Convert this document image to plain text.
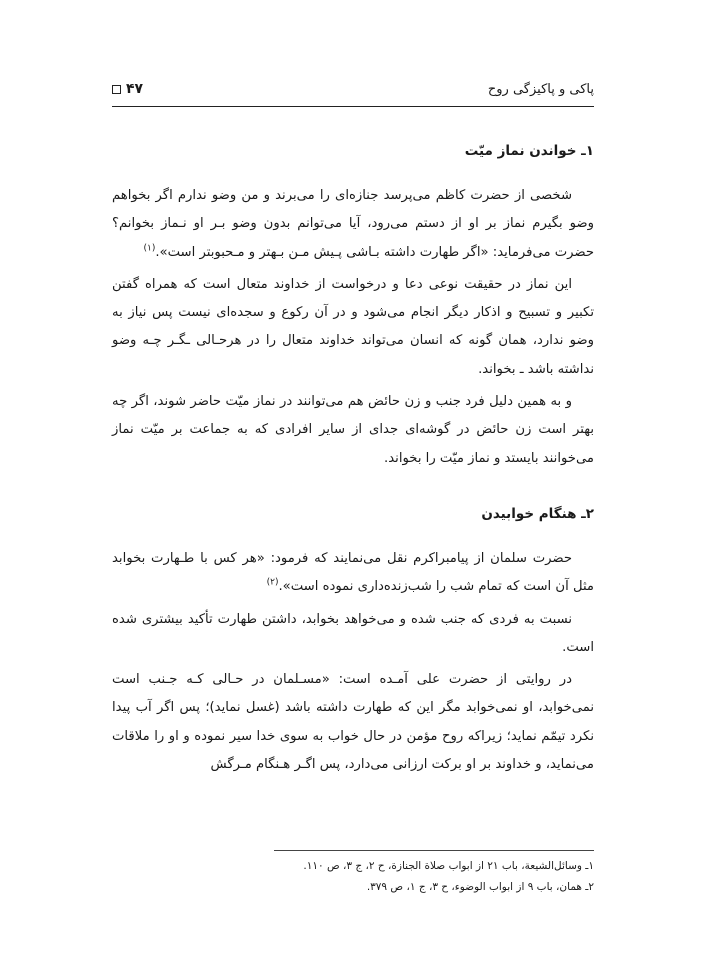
پاکی و پاکیزگی روح
۴۷
۱ـ خواندن نماز میّت

شخصی از حضرت کاظم می‌پرسد جنازه‌ای را می‌برند و من وضو ندارم اگر بخواهم وضو بگیرم نماز بر او از دستم می‌رود، آیا می‌توانم بدون وضو بـر او نـماز بخوانم؟ حضرت می‌فرماید: «اگر طهارت داشته بـاشی پـیش مـن بـهتر و مـحبوبتر است».$^{(۱)}$

این نماز در حقیقت نوعی دعا و درخواست از خداوند متعال است که همراه گفتن تکبیر و تسبیح و اذکار دیگر انجام می‌شود و در آن رکوع و سجده‌ای نیست پس نیاز به وضو ندارد، همان گونه که انسان می‌تواند خداوند متعال را در هرحـالی ـگـر چـه وضو نداشته باشد ـ بخواند.

و به همین دلیل فرد جنب و زن حائض هم می‌توانند در نماز میّت حاضر شوند، اگر چه بهتر است زن حائض در گوشه‌ای جدای از سایر افرادی که به جماعت بر میّت نماز می‌خوانند بایستد و نماز میّت را بخواند.

۲ـ هنگام خوابیدن

حضرت سلمان از پیامبراکرم نقل می‌نمایند که فرمود: «هر کس با طـهارت بخوابد مثل آن است که تمام شب را شب‌زنده‌داری نموده است».$^{(۲)}$

نسبت به فردی که جنب شده و می‌خواهد بخوابد، داشتن طهارت تأکید بیشتری شده است.

در روایتی از حضرت علی آمـده است: «مسـلمان در حـالی کـه جـنب است نمی‌خوابد، او نمی‌خوابد مگر این که طهارت داشته باشد (غسل نماید)؛ پس اگر آب پیدا نکرد تیمّم نماید؛ زیراکه روح مؤمن در حال خواب به سوی خدا سیر نموده و او را ملاقات می‌نماید، و خداوند بر او برکت ارزانی می‌دارد، پس اگـر هـنگام مـرگش

۱ـ وسائل‌الشیعة، باب ۲۱ از ابواب صلاة الجنازة، ح ۲، ج ۳، ص ۱۱۰.

۲ـ همان، باب ۹ از ابواب الوضوء، ح ۳، ج ۱، ص ۳۷۹.
